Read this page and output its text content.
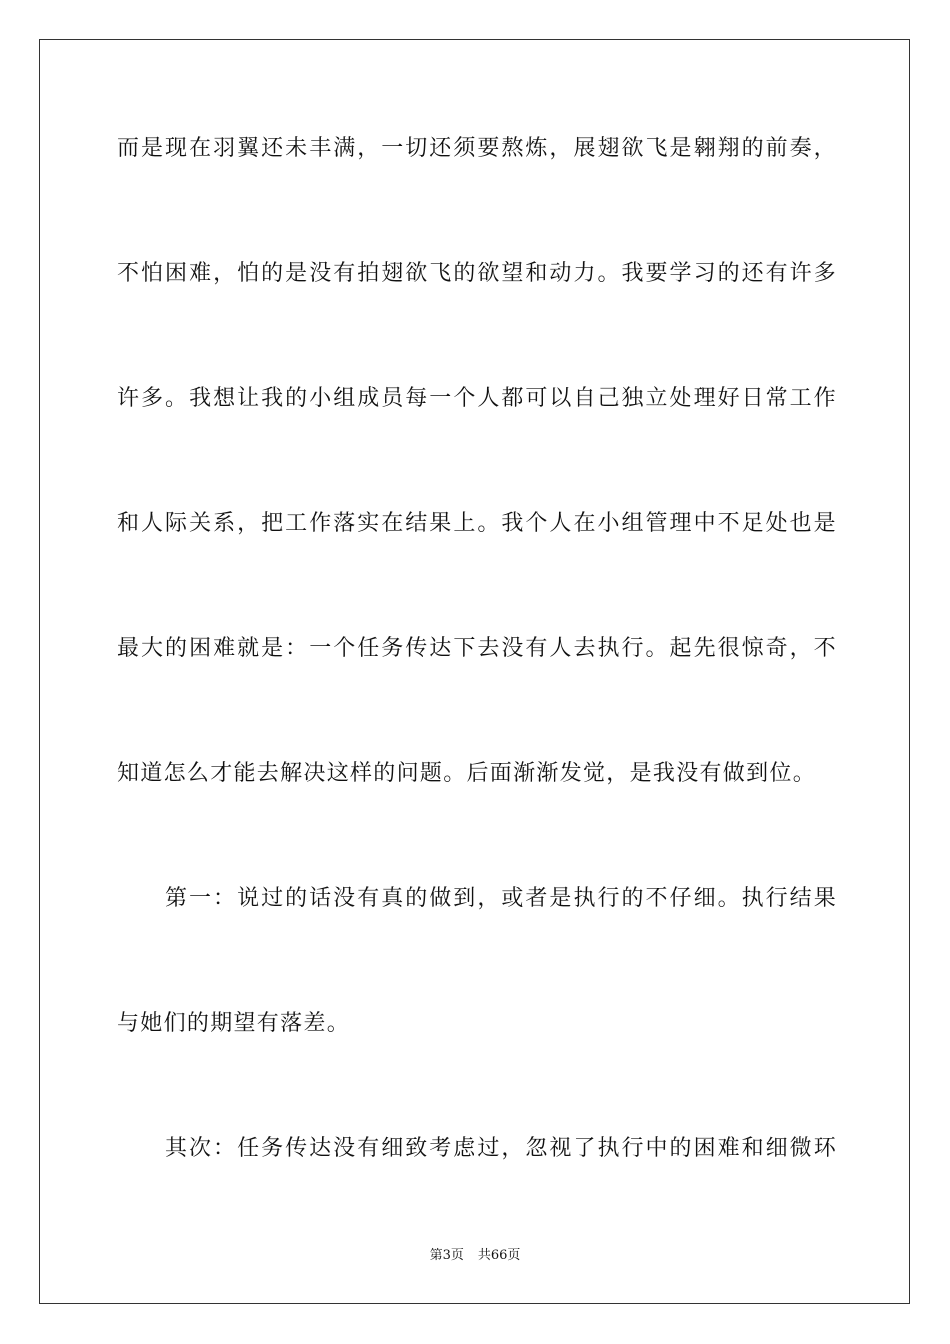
而是现在羽翼还未丰满，一切还须要熬炼，展翅欲飞是翱翔的前奏，
不怕困难，怕的是没有拍翅欲飞的欲望和动力。我要学习的还有许多
许多。我想让我的小组成员每一个人都可以自己独立处理好日常工作
和人际关系，把工作落实在结果上。我个人在小组管理中不足处也是
最大的困难就是：一个任务传达下去没有人去执行。起先很惊奇，不
知道怎么才能去解决这样的问题。后面渐渐发觉，是我没有做到位。
第一：说过的话没有真的做到，或者是执行的不仔细。执行结果
与她们的期望有落差。
其次：任务传达没有细致考虑过，忽视了执行中的困难和细微环
第3页 共66页
